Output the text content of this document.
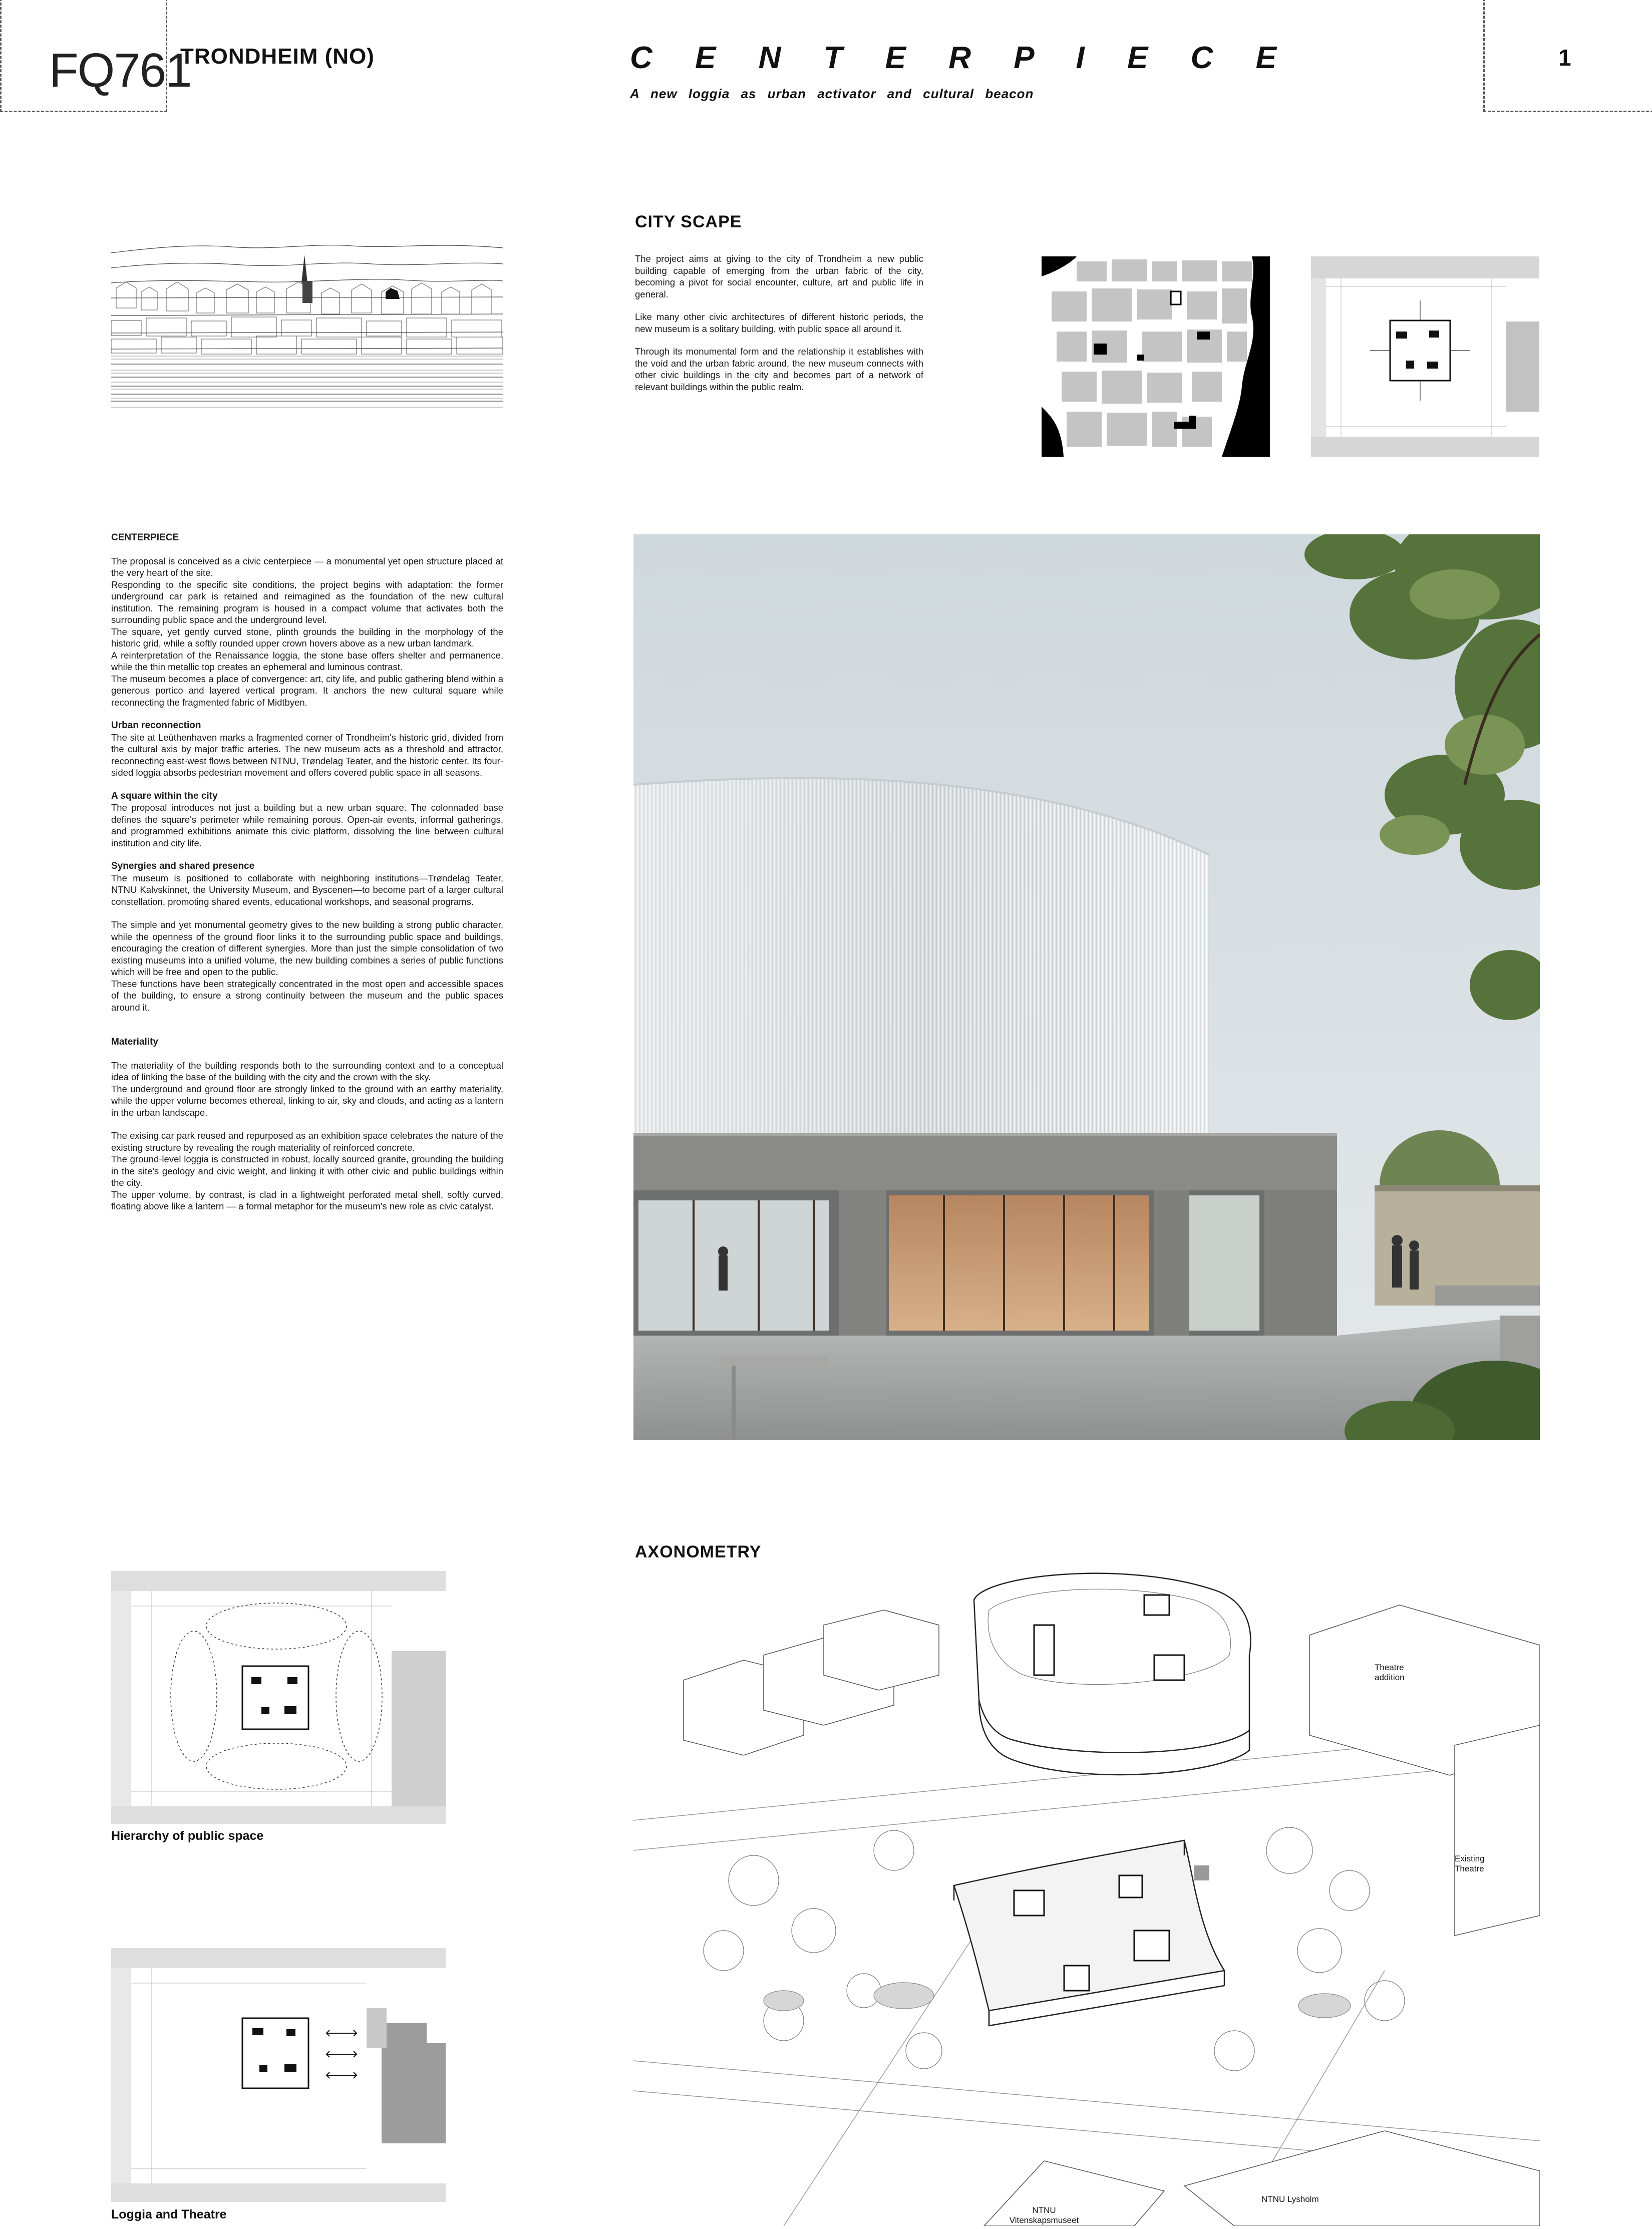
FQ761
TRONDHEIM (NO)	C E N T E R P I E C E
A new loggia as urban activator and cultural beacon
1
CITY SCAPE

The project aims at giving to the city of Trondheim a new public building capable of emerging from the urban fabric of the city, becoming a pivot for social encounter, culture, art and public life in general.

Like many other civic architectures of different historic periods, the new museum is a solitary building, with public space all around it.

Through its monumental form and the relationship it establishes with the void and the urban fabric around, the new museum connects with other civic buildings in the city and becomes part of a network of relevant buildings within the public realm.

CENTERPIECE

The proposal is conceived as a civic centerpiece — a monumental yet open structure placed at the very heart of the site.

Responding to the specific site conditions, the project begins with adaptation: the former underground car park is retained and reimagined as the foundation of the new cultural institution. The remaining program is housed in a compact volume that activates both the surrounding public space and the underground level.

The square, yet gently curved stone, plinth grounds the building in the morphology of the historic grid, while a softly rounded upper crown hovers above as a new urban landmark.

A reinterpretation of the Renaissance loggia, the stone base offers shelter and permanence, while the thin metallic top creates an ephemeral and luminous contrast.

The museum becomes a place of convergence: art, city life, and public gathering blend within a generous portico and layered vertical program. It anchors the new cultural square while reconnecting the fragmented fabric of Midtbyen.

Urban reconnection

The site at Leüthenhaven marks a fragmented corner of Trondheim's historic grid, divided from the cultural axis by major traffic arteries. The new museum acts as a threshold and attractor, reconnecting east-west flows between NTNU, Trøndelag Teater, and the historic center. Its four-sided loggia absorbs pedestrian movement and offers covered public space in all seasons.

A square within the city

The proposal introduces not just a building but a new urban square. The colonnaded base defines the square's perimeter while remaining porous. Open-air events, informal gatherings, and programmed exhibitions animate this civic platform, dissolving the line between cultural institution and city life.

Synergies and shared presence

The museum is positioned to collaborate with neighboring institutions—Trøndelag Teater, NTNU Kalvskinnet, the University Museum, and Byscenen—to become part of a larger cultural constellation, promoting shared events, educational workshops, and seasonal programs.

The simple and yet monumental geometry gives to the new building a strong public character, while the openness of the ground floor links it to the surrounding public space and buildings, encouraging the creation of different synergies. More than just the simple consolidation of two existing museums into a unified volume, the new building combines a series of public functions which will be free and open to the public.

These functions have been strategically concentrated in the most open and accessible spaces of the building, to ensure a strong continuity between the museum and the public spaces around it.

Materiality

The materiality of the building responds both to the surrounding context and to a conceptual idea of linking the base of the building with the city and the crown with the sky.

The underground and ground floor are strongly linked to the ground with an earthy materiality, while the upper volume becomes ethereal, linking to air, sky and clouds, and acting as a lantern in the urban landscape.

The exising car park reused and repurposed as an exhibition space celebrates the nature of the existing structure by revealing the rough materiality of reinforced concrete.

The ground-level loggia is constructed in robust, locally sourced granite, grounding the building in the site's geology and civic weight, and linking it with other civic and public buildings within the city.

The upper volume, by contrast, is clad in a lightweight perforated metal shell, softly curved, floating above like a lantern — a formal metaphor for the museum's new role as civic catalyst.

Hierarchy of public space
Loggia and Theatre
AXONOMETRY
Theatre addition
Existing Theatre
NTNU Lysholm
NTNU Vitenskapsmuseet
